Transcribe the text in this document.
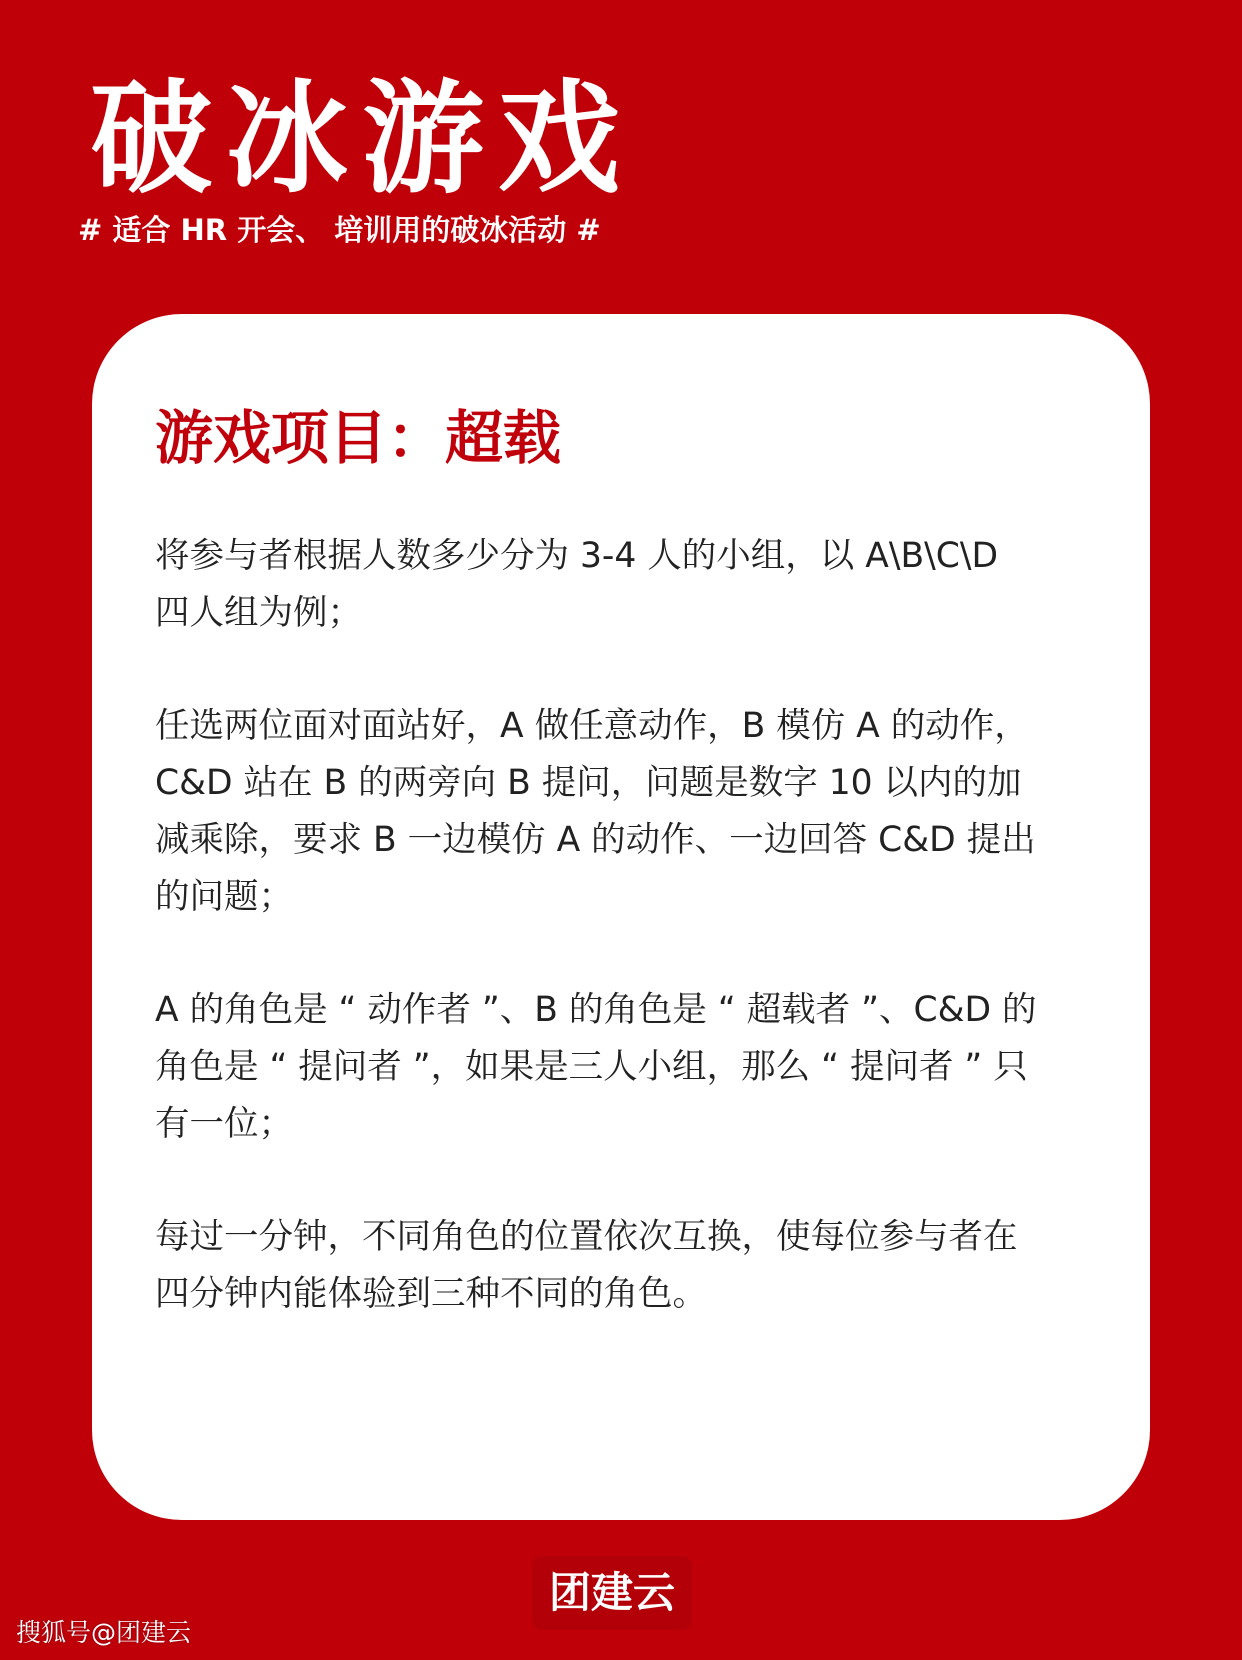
破冰游戏
# 适合 HR 开会、 培训用的破冰活动 #
游戏项目：超载

将参与者根据人数多少分为 3-4 人的小组，以 A\B\C\D
四人组为例；

任选两位面对面站好，A 做任意动作，B 模仿 A 的动作，
C&D 站在 B 的两旁向 B 提问，问题是数字 10 以内的加
减乘除，要求 B 一边模仿 A 的动作、一边回答 C&D 提出
的问题；

A 的角色是 “ 动作者 ”、B 的角色是 “ 超载者 ”、C&D 的
角色是 “ 提问者 ”，如果是三人小组，那么 “ 提问者 ” 只
有一位；

每过一分钟，不同角色的位置依次互换，使每位参与者在
四分钟内能体验到三种不同的角色。

团建云
搜狐号@团建云
